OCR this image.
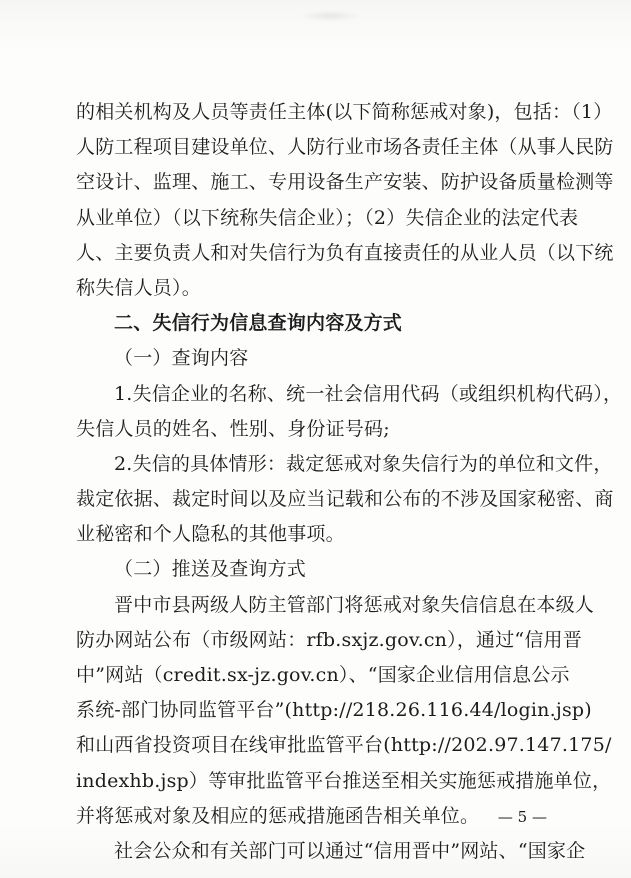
的相关机构及人员等责任主体(以下简称惩戒对象)，包括：（1）
人防工程项目建设单位、人防行业市场各责任主体（从事人民防
空设计、监理、施工、专用设备生产安装、防护设备质量检测等
从业单位）（以下统称失信企业）；（2）失信企业的法定代表
人、主要负责人和对失信行为负有直接责任的从业人员（以下统
称失信人员）。
二、失信行为信息查询内容及方式
（一）查询内容
1.失信企业的名称、统一社会信用代码（或组织机构代码），
失信人员的姓名、性别、身份证号码;
2.失信的具体情形：裁定惩戒对象失信行为的单位和文件，
裁定依据、裁定时间以及应当记载和公布的不涉及国家秘密、商
业秘密和个人隐私的其他事项。
（二）推送及查询方式
晋中市县两级人防主管部门将惩戒对象失信信息在本级人
防办网站公布（市级网站：rfb.sxjz.gov.cn），通过“信用晋
中”网站（credit.sx-jz.gov.cn）、“国家企业信用信息公示
系统-部门协同监管平台”(http://218.26.116.44/login.jsp)
和山西省投资项目在线审批监管平台(http://202.97.147.175/
indexhb.jsp）等审批监管平台推送至相关实施惩戒措施单位，
并将惩戒对象及相应的惩戒措施函告相关单位。
社会公众和有关部门可以通过“信用晋中”网站、“国家企
— 5 —
